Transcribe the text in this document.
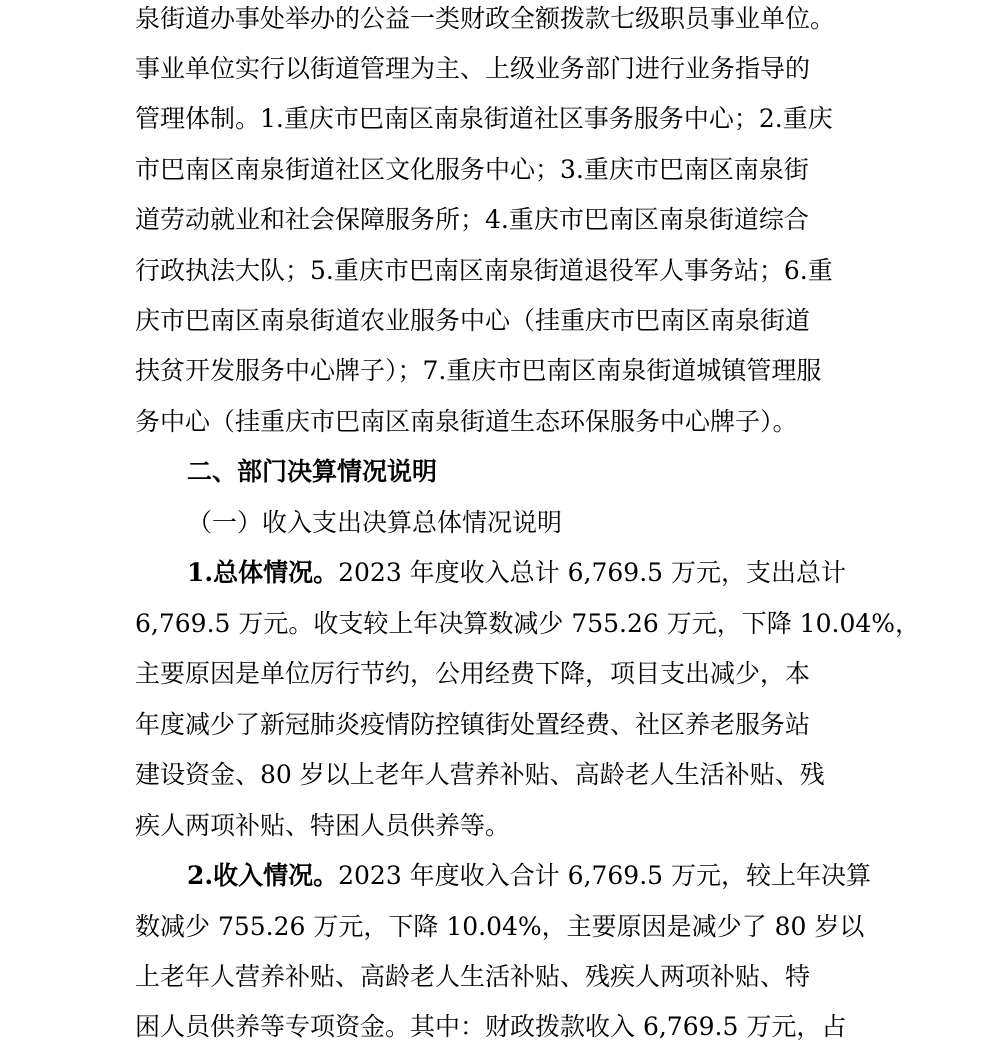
泉街道办事处举办的公益一类财政全额拨款七级职员事业单位。
事业单位实行以街道管理为主、上级业务部门进行业务指导的
管理体制。1.重庆市巴南区南泉街道社区事务服务中心；2.重庆
市巴南区南泉街道社区文化服务中心；3.重庆市巴南区南泉街
道劳动就业和社会保障服务所；4.重庆市巴南区南泉街道综合
行政执法大队；5.重庆市巴南区南泉街道退役军人事务站；6.重
庆市巴南区南泉街道农业服务中心（挂重庆市巴南区南泉街道
扶贫开发服务中心牌子）；7.重庆市巴南区南泉街道城镇管理服
务中心（挂重庆市巴南区南泉街道生态环保服务中心牌子）。
二、部门决算情况说明
（一）收入支出决算总体情况说明
1.总体情况。2023 年度收入总计 6,769.5 万元，支出总计
6,769.5 万元。收支较上年决算数减少 755.26 万元，下降 10.04%，
主要原因是单位厉行节约，公用经费下降，项目支出减少，本
年度减少了新冠肺炎疫情防控镇街处置经费、社区养老服务站
建设资金、80 岁以上老年人营养补贴、高龄老人生活补贴、残
疾人两项补贴、特困人员供养等。
2.收入情况。2023 年度收入合计 6,769.5 万元，较上年决算
数减少 755.26 万元，下降 10.04%，主要原因是减少了 80 岁以
上老年人营养补贴、高龄老人生活补贴、残疾人两项补贴、特
困人员供养等专项资金。其中：财政拨款收入 6,769.5 万元，占
